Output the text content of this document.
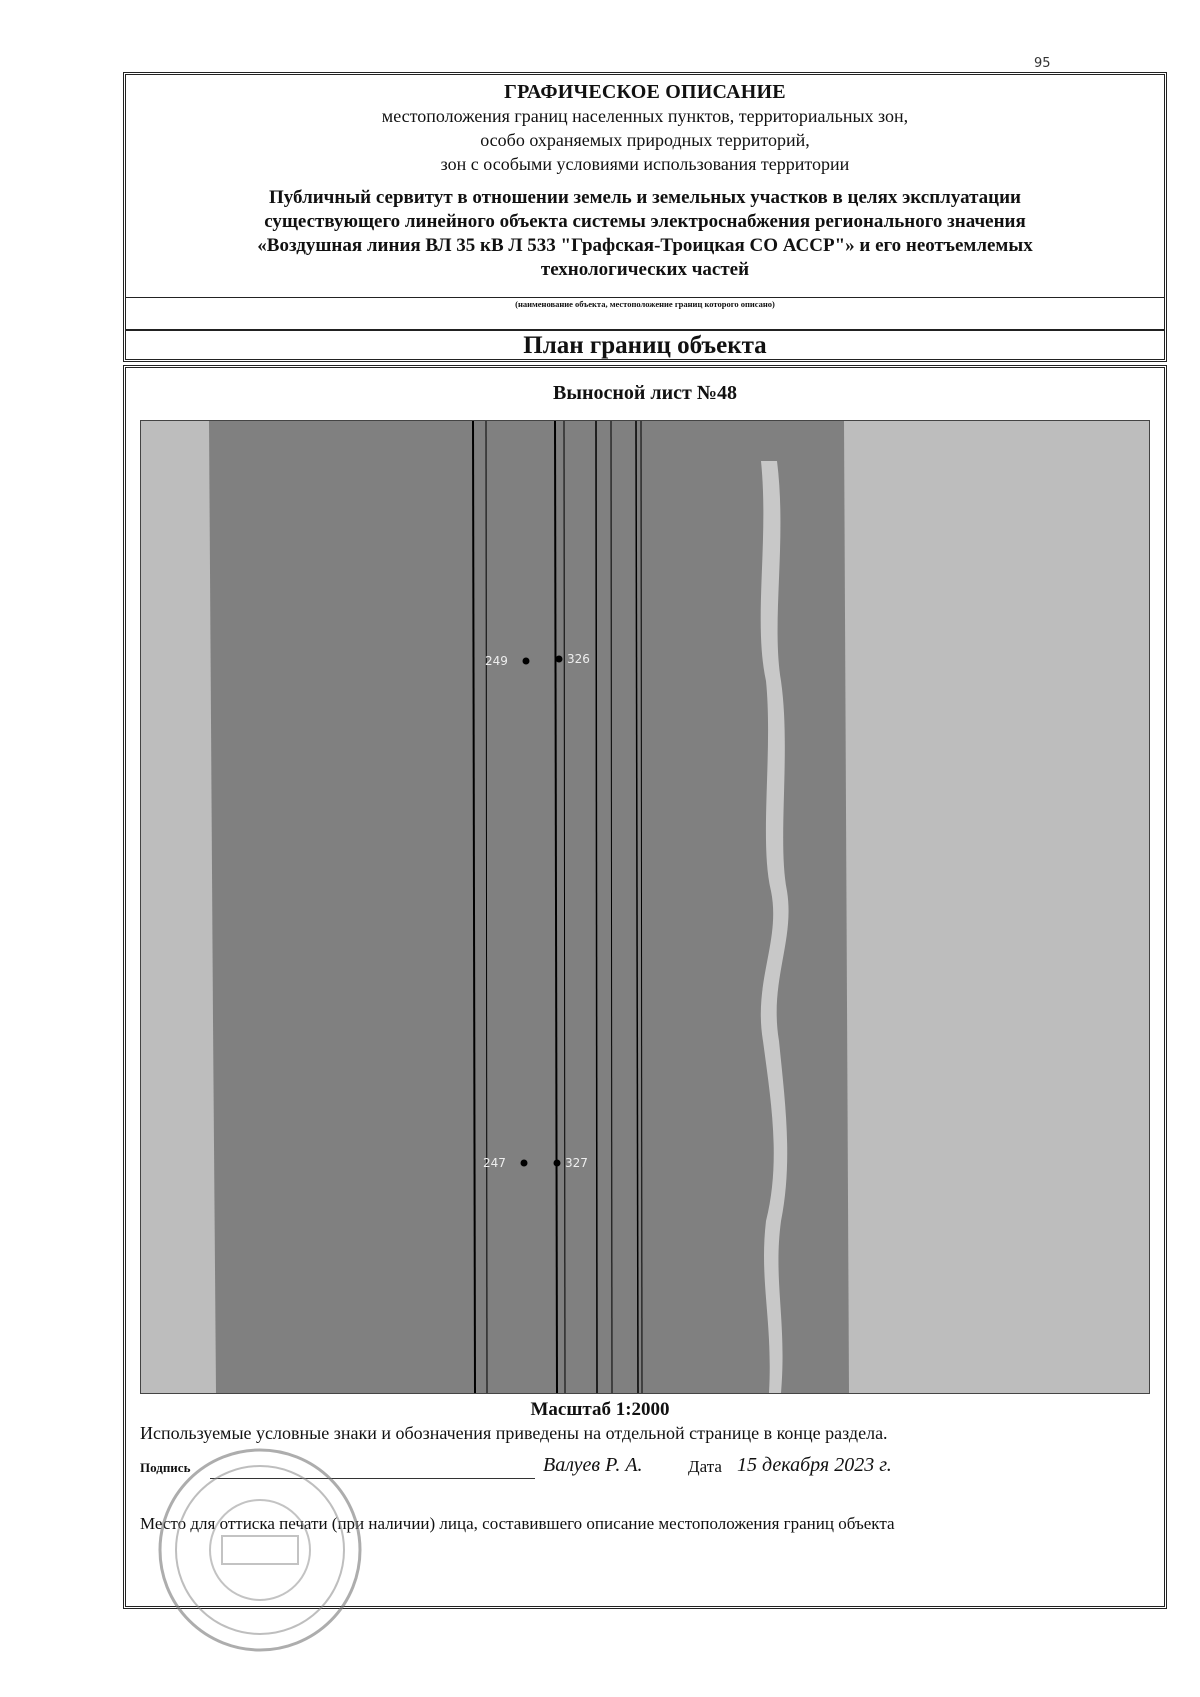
95
ГРАФИЧЕСКОЕ ОПИСАНИЕ
местоположения границ населенных пунктов, территориальных зон,
особо охраняемых природных территорий,
зон с особыми условиями использования территории
Публичный сервитут в отношении земель и земельных участков в целях эксплуатации
существующего линейного объекта системы электроснабжения регионального значения
«Воздушная линия ВЛ 35 кВ Л 533 "Графская-Троицкая СО АССР"» и его неотъемлемых
технологических частей
(наименование объекта, местоположение границ которого описано)
План границ объекта
Выносной лист №48
249	326
247	327
Масштаб 1:2000
Используемые условные знаки и обозначения приведены на отдельной странице в конце раздела.
Подпись	Валуев Р. А.	Дата 15 декабря 2023 г.
Место для оттиска печати (при наличии) лица, составившего описание местоположения границ объекта
